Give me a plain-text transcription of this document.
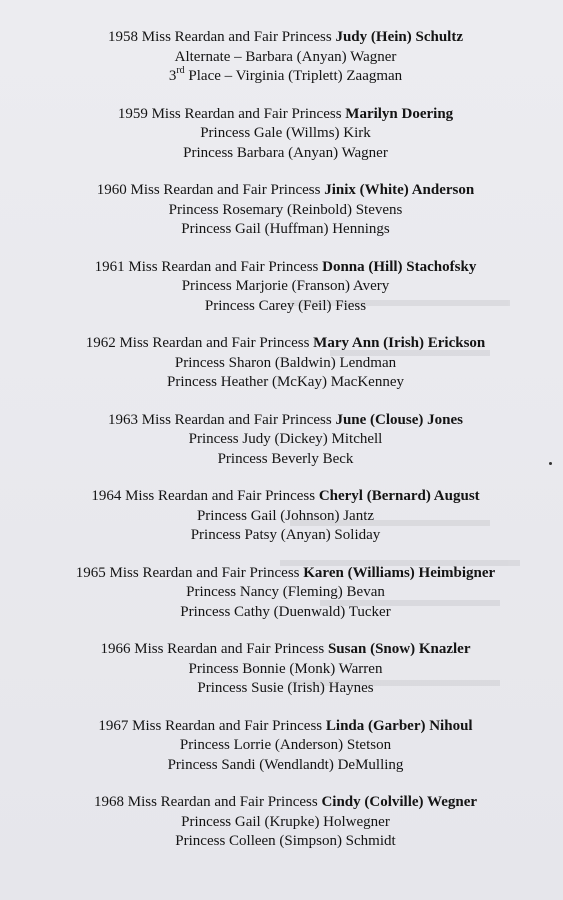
1958 Miss Reardan and Fair Princess Judy (Hein) Schultz
Alternate – Barbara (Anyan) Wagner
3rd Place – Virginia (Triplett) Zaagman
1959 Miss Reardan and Fair Princess Marilyn Doering
Princess Gale (Willms) Kirk
Princess Barbara (Anyan) Wagner
1960 Miss Reardan and Fair Princess Jinix (White) Anderson
Princess Rosemary (Reinbold) Stevens
Princess Gail (Huffman) Hennings
1961 Miss Reardan and Fair Princess Donna (Hill) Stachofsky
Princess Marjorie (Franson) Avery
Princess Carey (Feil) Fiess
1962 Miss Reardan and Fair Princess Mary Ann (Irish) Erickson
Princess Sharon (Baldwin) Lendman
Princess Heather (McKay) MacKenney
1963 Miss Reardan and Fair Princess June (Clouse) Jones
Princess Judy (Dickey) Mitchell
Princess Beverly Beck
1964 Miss Reardan and Fair Princess Cheryl (Bernard) August
Princess Gail (Johnson) Jantz
Princess Patsy (Anyan) Soliday
1965 Miss Reardan and Fair Princess Karen (Williams) Heimbigner
Princess Nancy (Fleming) Bevan
Princess Cathy (Duenwald) Tucker
1966 Miss Reardan and Fair Princess Susan (Snow) Knazler
Princess Bonnie (Monk) Warren
Princess Susie (Irish) Haynes
1967 Miss Reardan and Fair Princess Linda (Garber) Nihoul
Princess Lorrie (Anderson) Stetson
Princess Sandi (Wendlandt) DeMulling
1968 Miss Reardan and Fair Princess Cindy (Colville) Wegner
Princess Gail (Krupke) Holwegner
Princess Colleen (Simpson) Schmidt
